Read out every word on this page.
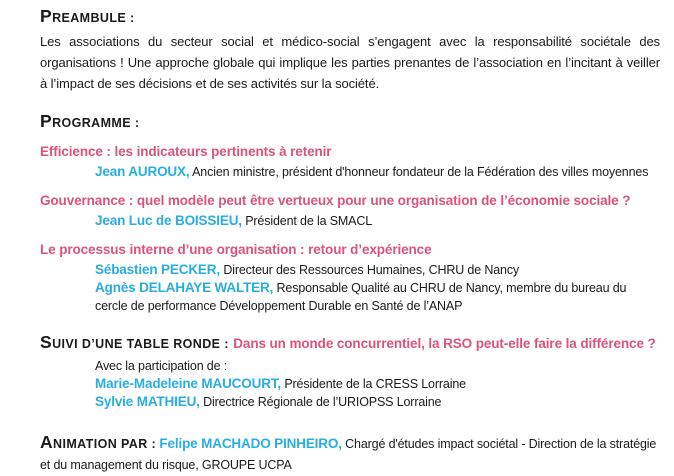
PREAMBULE :

Les associations du secteur social et médico-social s’engagent avec la responsabilité sociétale des organisations ! Une approche globale qui implique les parties prenantes de l’association en l’incitant à veiller à l’impact de ses décisions et de ses activités sur la société.

PROGRAMME :
Efficience : les indicateurs pertinents à retenir
Jean AUROUX, Ancien ministre, président d'honneur fondateur de la Fédération des villes moyennes
Gouvernance : quel modèle peut être vertueux pour une organisation de l’économie sociale ?
Jean Luc de BOISSIEU, Président de la SMACL
Le processus interne d’une organisation : retour d’expérience
Sébastien PECKER, Directeur des Ressources Humaines, CHRU de Nancy
Agnès DELAHAYE WALTER, Responsable Qualité au CHRU de Nancy, membre du bureau du cercle de performance Développement Durable en Santé de l’ANAP
SUIVI D’UNE TABLE RONDE : Dans un monde concurrentiel, la RSO peut-elle faire la différence ?
Avec la participation de :
Marie-Madeleine MAUCOURT, Présidente de la CRESS Lorraine
Sylvie MATHIEU, Directrice Régionale de l’URIOPSS Lorraine

ANIMATION PAR : Felipe MACHADO PINHEIRO, Chargé d'études impact sociétal - Direction de la stratégie et du management du risque, GROUPE UCPA
